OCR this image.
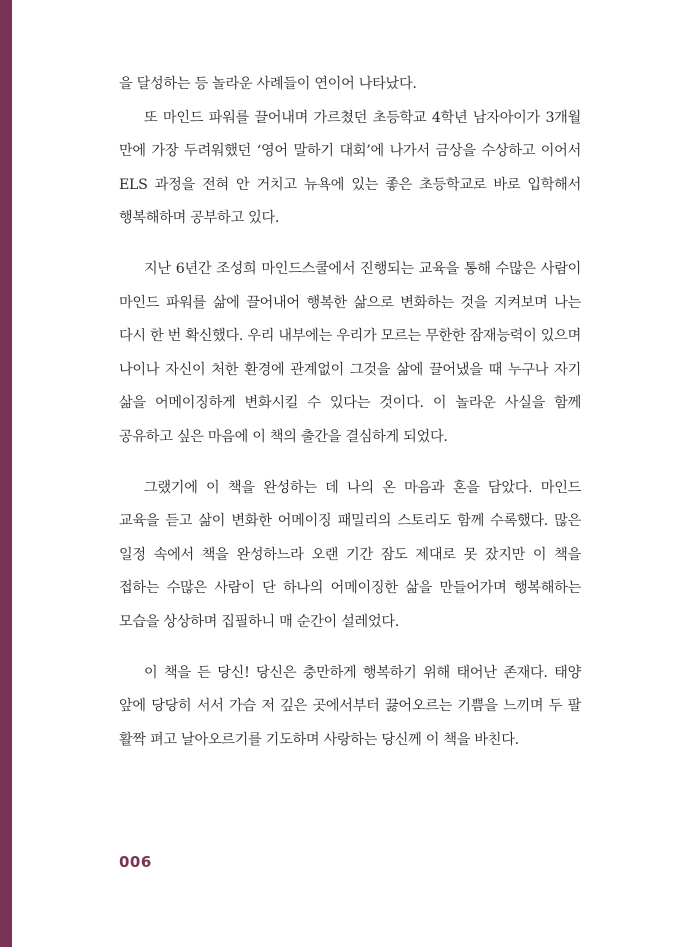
을 달성하는 등 놀라운 사례들이 연이어 나타났다.

또 마인드 파워를 끌어내며 가르쳤던 초등학교 4학년 남자아이가 3개월 만에 가장 두려워했던 ‘영어 말하기 대회’에 나가서 금상을 수상하고 이어서 ELS 과정을 전혀 안 거치고 뉴욕에 있는 좋은 초등학교로 바로 입학해서 행복해하며 공부하고 있다.

지난 6년간 조성희 마인드스쿨에서 진행되는 교육을 통해 수많은 사람이 마인드 파워를 삶에 끌어내어 행복한 삶으로 변화하는 것을 지켜보며 나는 다시 한 번 확신했다. 우리 내부에는 우리가 모르는 무한한 잠재능력이 있으며 나이나 자신이 처한 환경에 관계없이 그것을 삶에 끌어냈을 때 누구나 자기 삶을 어메이징하게 변화시킬 수 있다는 것이다. 이 놀라운 사실을 함께 공유하고 싶은 마음에 이 책의 출간을 결심하게 되었다.

그랬기에 이 책을 완성하는 데 나의 온 마음과 혼을 담았다. 마인드 교육을 듣고 삶이 변화한 어메이징 패밀리의 스토리도 함께 수록했다. 많은 일정 속에서 책을 완성하느라 오랜 기간 잠도 제대로 못 잤지만 이 책을 접하는 수많은 사람이 단 하나의 어메이징한 삶을 만들어가며 행복해하는 모습을 상상하며 집필하니 매 순간이 설레었다.

이 책을 든 당신! 당신은 충만하게 행복하기 위해 태어난 존재다. 태양 앞에 당당히 서서 가슴 저 깊은 곳에서부터 끓어오르는 기쁨을 느끼며 두 팔 활짝 펴고 날아오르기를 기도하며 사랑하는 당신께 이 책을 바친다.

006
